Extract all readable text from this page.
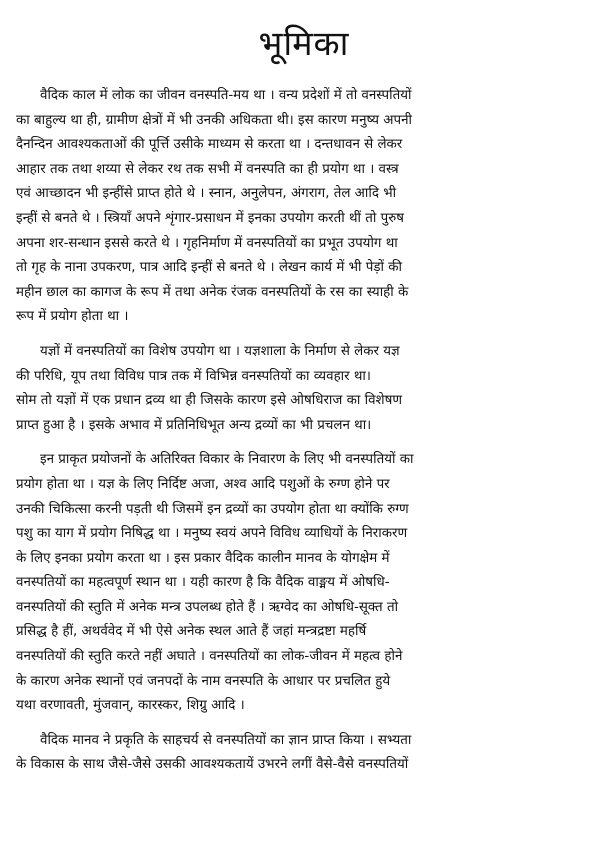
भूमिका

वैदिक काल में लोक का जीवन वनस्पति-मय था । वन्य प्रदेशों में तो वनस्पतियों
का बाहुल्य था ही, ग्रामीण क्षेत्रों में भी उनकी अधिकता थी। इस कारण मनुष्य अपनी
दैनन्दिन आवश्यकताओं की पूर्त्ति उसीके माध्यम से करता था । दन्तधावन से लेकर
आहार तक तथा शय्या से लेकर रथ तक सभी में वनस्पति का ही प्रयोग था । वस्त्र
एवं आच्छादन भी इन्हींसे प्राप्त होते थे । स्नान, अनुलेपन, अंगराग, तेल आदि भी
इन्हीं से बनते थे । स्त्रियाँ अपने शृंगार-प्रसाधन में इनका उपयोग करती थीं तो पुरुष
अपना शर-सन्धान इससे करते थे । गृहनिर्माण में वनस्पतियों का प्रभूत उपयोग था
तो गृह के नाना उपकरण, पात्र आदि इन्हीं से बनते थे । लेखन कार्य में भी पेड़ों की
महीन छाल का कागज के रूप में तथा अनेक रंजक वनस्पतियों के रस का स्याही के
रूप में प्रयोग होता था ।

यज्ञों में वनस्पतियों का विशेष उपयोग था । यज्ञशाला के निर्माण से लेकर यज्ञ
की परिधि, यूप तथा विविध पात्र तक में विभिन्न वनस्पतियों का व्यवहार था।
सोम तो यज्ञों में एक प्रधान द्रव्य था ही जिसके कारण इसे ओषधिराज का विशेषण
प्राप्त हुआ है । इसके अभाव में प्रतिनिधिभूत अन्य द्रव्यों का भी प्रचलन था।

इन प्राकृत प्रयोजनों के अतिरिक्त विकार के निवारण के लिए भी वनस्पतियों का
प्रयोग होता था । यज्ञ के लिए निर्दिष्ट अजा, अश्व आदि पशुओं के रुग्ण होने पर
उनकी चिकित्सा करनी पड़ती थी जिसमें इन द्रव्यों का उपयोग होता था क्योंकि रुग्ण
पशु का याग में प्रयोग निषिद्ध था । मनुष्य स्वयं अपने विविध व्याधियों के निराकरण
के लिए इनका प्रयोग करता था । इस प्रकार वैदिक कालीन मानव के योगक्षेम में
वनस्पतियों का महत्वपूर्ण स्थान था । यही कारण है कि वैदिक वाङ्मय में ओषधि-
वनस्पतियों की स्तुति में अनेक मन्त्र उपलब्ध होते हैं । ऋग्वेद का ओषधि-सूक्त तो
प्रसिद्ध है हीं, अथर्ववेद में भी ऐसे अनेक स्थल आते हैं जहां मन्त्रद्रष्टा महर्षि
वनस्पतियों की स्तुति करते नहीं अघाते । वनस्पतियों का लोक-जीवन में महत्व होने
के कारण अनेक स्थानों एवं जनपदों के नाम वनस्पति के आधार पर प्रचलित हुये
यथा वरणावती, मुंजवान्, कारस्कर, शिग्रु आदि ।

वैदिक मानव ने प्रकृति के साहचर्य से वनस्पतियों का ज्ञान प्राप्त किया । सभ्यता
के विकास के साथ जैसे-जैसे उसकी आवश्यकतायें उभरने लगीं वैसे-वैसे वनस्पतियों
